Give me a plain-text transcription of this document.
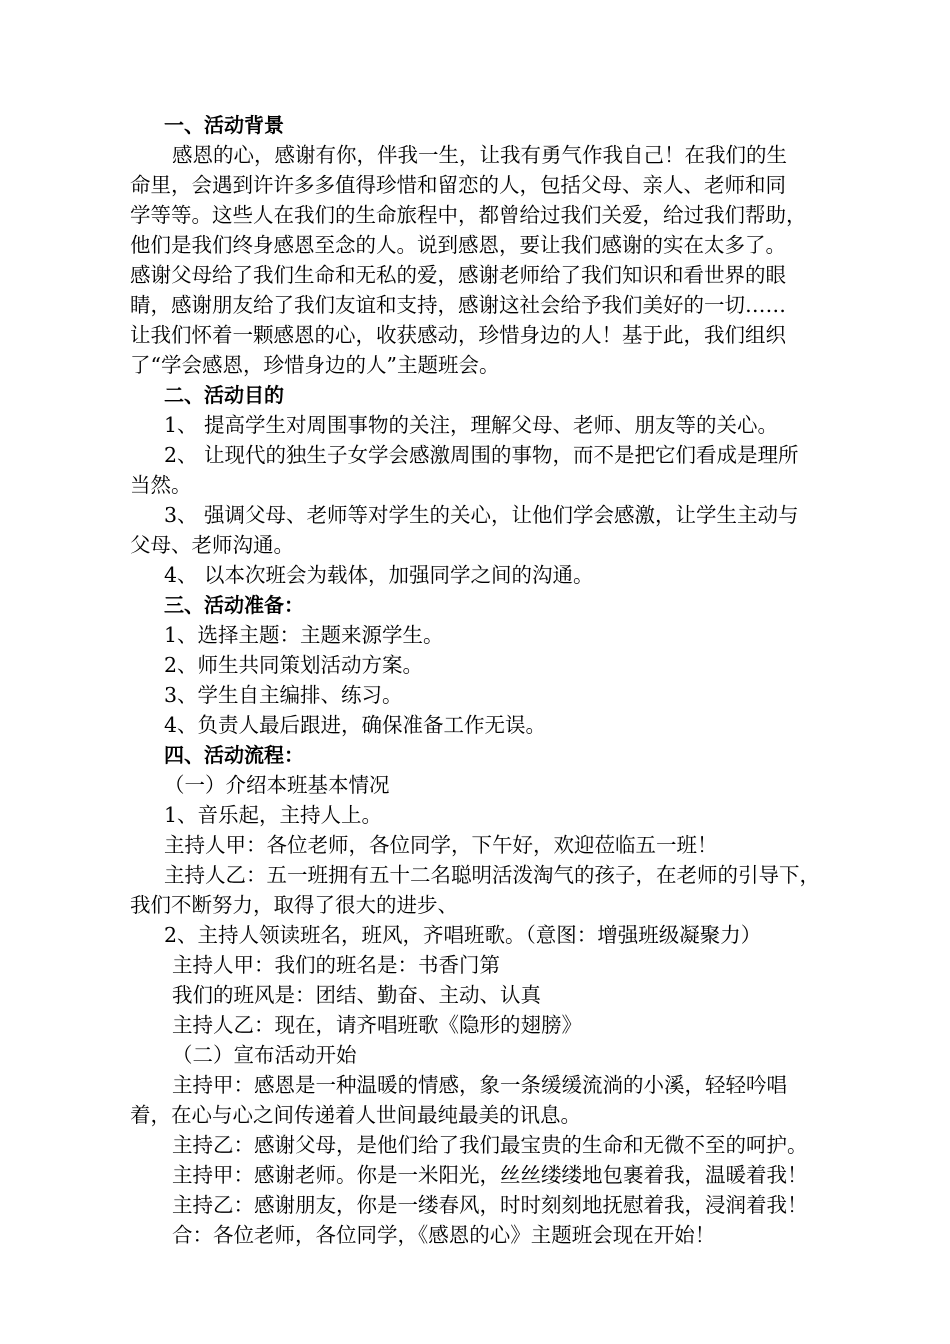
一、活动背景
感恩的心，感谢有你，伴我一生，让我有勇气作我自己！在我们的生
命里，会遇到许许多多值得珍惜和留恋的人，包括父母、亲人、老师和同
学等等。这些人在我们的生命旅程中，都曾给过我们关爱，给过我们帮助，
他们是我们终身感恩至念的人。说到感恩，要让我们感谢的实在太多了。
感谢父母给了我们生命和无私的爱，感谢老师给了我们知识和看世界的眼
睛，感谢朋友给了我们友谊和支持，感谢这社会给予我们美好的一切……
让我们怀着一颗感恩的心，收获感动，珍惜身边的人！基于此，我们组织
了“学会感恩，珍惜身边的人”主题班会。
二、活动目的
1、 提高学生对周围事物的关注，理解父母、老师、朋友等的关心。
2、 让现代的独生子女学会感激周围的事物，而不是把它们看成是理所
当然。
3、 强调父母、老师等对学生的关心，让他们学会感激，让学生主动与
父母、老师沟通。
4、 以本次班会为载体，加强同学之间的沟通。
三、活动准备：
1、选择主题：主题来源学生。
2、师生共同策划活动方案。
3、学生自主编排、练习。
4、负责人最后跟进，确保准备工作无误。
四、活动流程：
（一）介绍本班基本情况
1、音乐起，主持人上。
主持人甲：各位老师，各位同学，下午好，欢迎莅临五一班！
主持人乙：五一班拥有五十二名聪明活泼淘气的孩子，在老师的引导下，
我们不断努力，取得了很大的进步、
2、主持人领读班名，班风，齐唱班歌。（意图：增强班级凝聚力）
主持人甲：我们的班名是：书香门第
我们的班风是：团结、勤奋、主动、认真
主持人乙：现在，请齐唱班歌《隐形的翅膀》
（二）宣布活动开始
主持甲：感恩是一种温暖的情感，象一条缓缓流淌的小溪，轻轻吟唱
着，在心与心之间传递着人世间最纯最美的讯息。
主持乙：感谢父母，是他们给了我们最宝贵的生命和无微不至的呵护。
主持甲：感谢老师。你是一米阳光，丝丝缕缕地包裹着我，温暖着我！
主持乙：感谢朋友，你是一缕春风，时时刻刻地抚慰着我，浸润着我！
合：各位老师，各位同学，《感恩的心》主题班会现在开始！
